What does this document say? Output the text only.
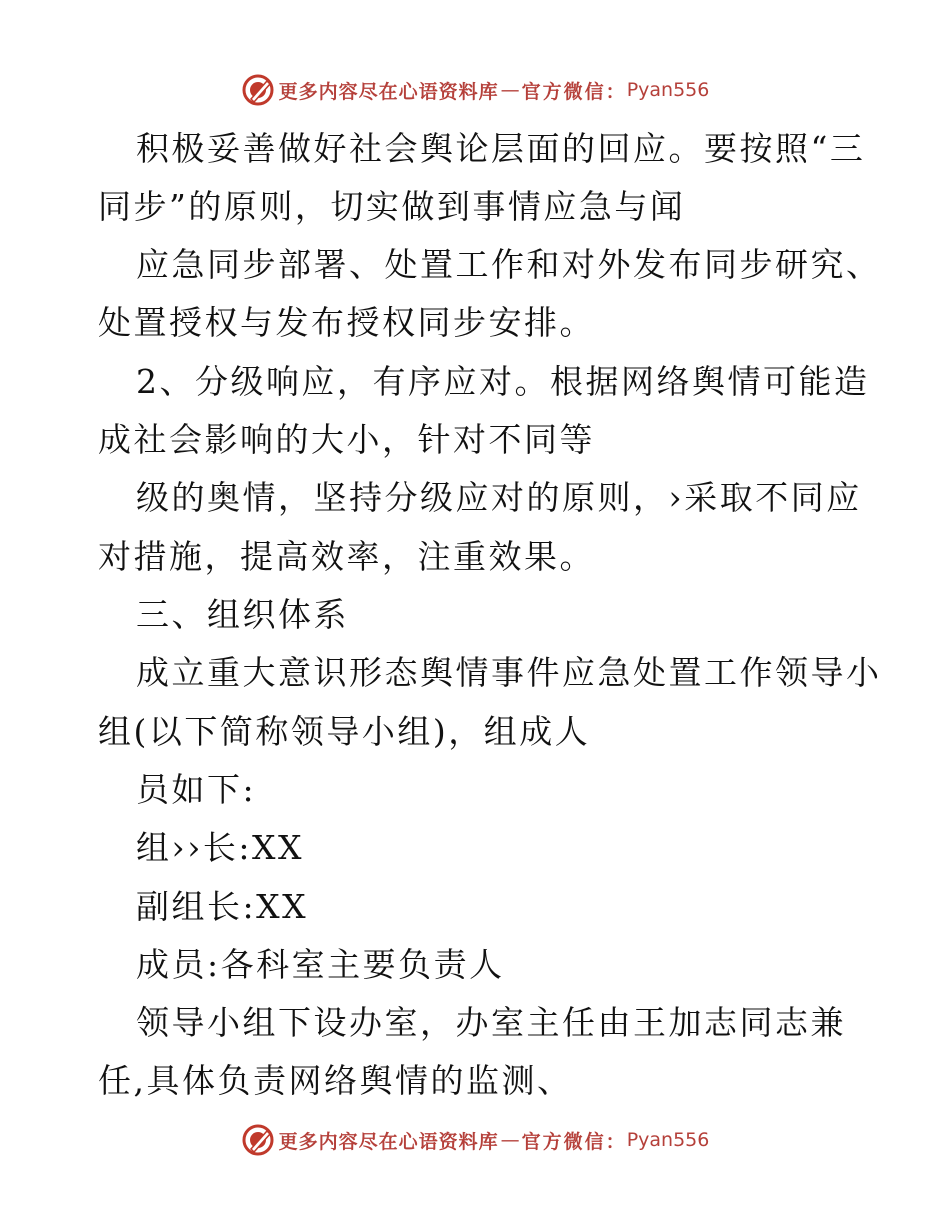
更多内容尽在心语资料库 — 官方微信： Pyan556
积极妥善做好社会舆论层面的回应。要按照“三
同步”的原则，切实做到事情应急与闻
应急同步部署、处置工作和对外发布同步研究、
处置授权与发布授权同步安排。
2、分级响应，有序应对。根据网络舆情可能造
成社会影响的大小，针对不同等
级的奥情，坚持分级应对的原则，›采取不同应
对措施，提高效率，注重效果。
三、组织体系
成立重大意识形态舆情事件应急处置工作领导小
组(以下简称领导小组)，组成人
员如下:
组››长:XX
副组长:XX
成员:各科室主要负责人
领导小组下设办室，办室主任由王加志同志兼
任,具体负责网络舆情的监测、
更多内容尽在心语资料库 — 官方微信： Pyan556
